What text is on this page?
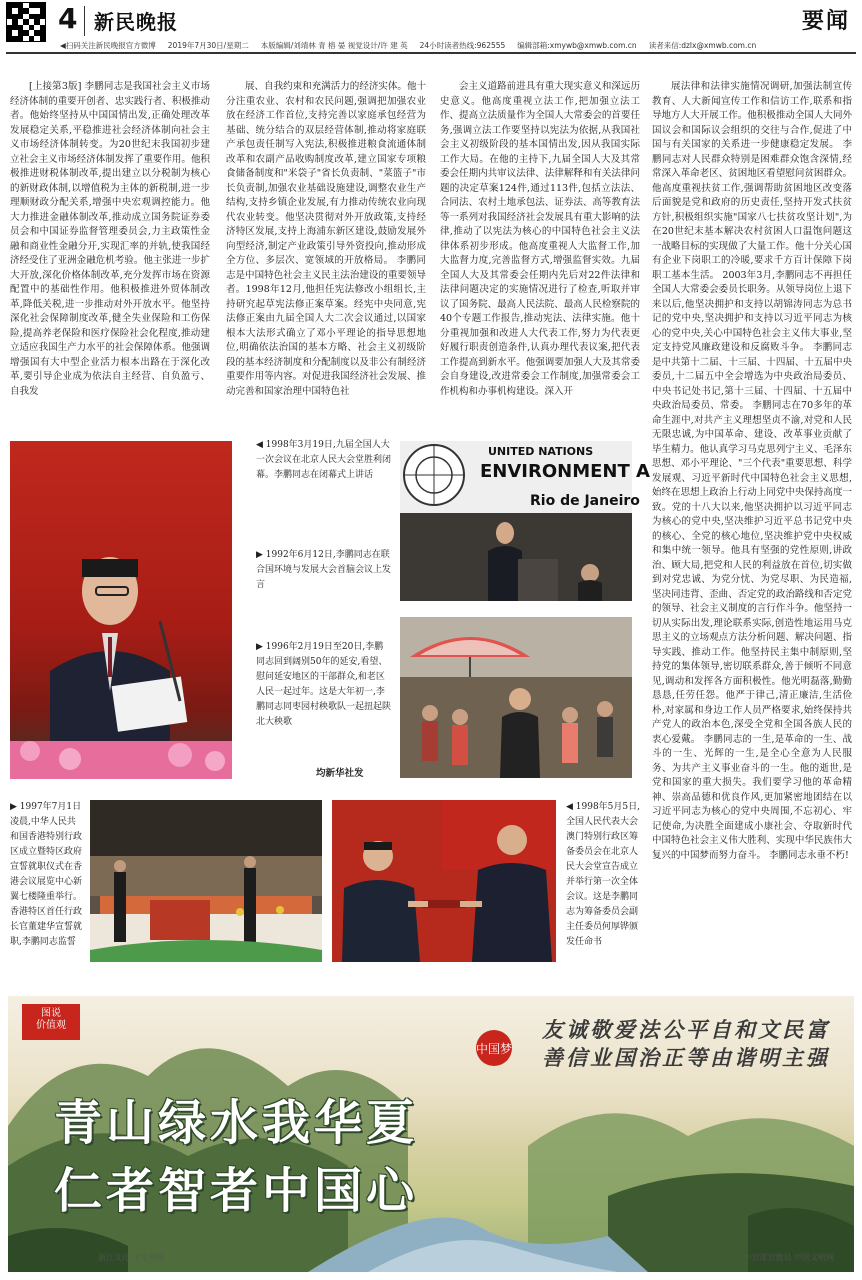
4 新民晚报	要闻
◀扫码关注新民晚报官方微博 2019年7月30日/星期二 本版编辑/刘靖林 青 榕 晏 视觉设计/许 建 英 24小时读者热线:962555 编辑部箱:xmywb@xmwb.com.cn 读者来信:dzlx@xmwb.com.cn

[上接第3版] 李鹏同志是我国社会主义市场经济体制的重要开创者、忠实践行者、积极推动者。他始终坚持从中国国情出发,正确处理改革发展稳定关系,平稳推进社会经济体制向社会主义市场经济体制转变。为20世纪末我国初步建立社会主义市场经济体制发挥了重要作用。他积极推进财税体制改革,提出建立以分税制为核心的新财政体制,以增值税为主体的新税制,进一步理顺财政分配关系,增强中央宏观调控能力。他大力推进金融体制改革,推动成立国务院证券委员会和中国证券监督管理委员会,力主政策性金融和商业性金融分开,实现汇率的并轨,使我国经济经受住了亚洲金融危机考验。他主张进一步扩大开放,深化价格体制改革,充分发挥市场在资源配置中的基础性作用。他积极推进外贸体制改革,降低关税,进一步推动对外开放水平。他坚持深化社会保障制度改革,健全失业保险和工伤保险,提高养老保险和医疗保险社会化程度,推动建立适应我国生产力水平的社会保障体系。他强调增强国有大中型企业活力根本出路在于深化改革,要引导企业成为依法自主经营、自负盈亏、自我发

展、自我约束和充满活力的经济实体。他十分注重农业、农村和农民问题,强调把加强农业放在经济工作首位,支持完善以家庭承包经营为基础、统分结合的双层经营体制,推动将家庭联产承包责任制写入宪法,积极推进粮食流通体制改革和农副产品收购制度改革,建立国家专项粮食储备制度和"米袋子"省长负责制、"菜篮子"市长负责制,加强农业基础设施建设,调整农业生产结构,支持乡镇企业发展,有力推动传统农业向现代农业转变。他坚决贯彻对外开放政策,支持经济特区发展,支持上海浦东新区建设,鼓励发展外向型经济,制定产业政策引导外资投向,推动形成全方位、多层次、宽领域的开放格局。 李鹏同志是中国特色社会主义民主法治建设的重要领导者。1998年12月,他担任宪法修改小组组长,主持研究起草宪法修正案草案。经宪中央同意,宪法修正案由九届全国人大二次会议通过,以国家根本大法形式确立了邓小平理论的指导思想地位,明确依法治国的基本方略、社会主义初级阶段的基本经济制度和分配制度以及非公有制经济重要作用等内容。对促进我国经济社会发展、推动完善和国家治理中国特色社

会主义道路前进具有重大现实意义和深远历史意义。他高度重视立法工作,把加强立法工作、提高立法质量作为全国人大常委会的首要任务,强调立法工作要坚持以宪法为依据,从我国社会主义初级阶段的基本国情出发,因从我国实际工作大局。在他的主持下,九届全国人大及其常委会任期内共审议法律、法律解释和有关法律问题的决定草案124件,通过113件,包括立法法、合同法、农村土地承包法、证券法、高等教育法等一系列对我国经济社会发展具有重大影响的法律,推动了以宪法为核心的中国特色社会主义法律体系初步形成。他高度重视人大监督工作,加大监督力度,完善监督方式,增强监督实效。九届全国人大及其常委会任期内先后对22件法律和法律问题决定的实施情况进行了检查,听取并审议了国务院、最高人民法院、最高人民检察院的40个专题工作报告,推动宪法、法律实施。他十分重视加强和改进人大代表工作,努力为代表更好履行职责创造条件,认真办理代表议案,把代表工作提高到新水平。他强调要加强人大及其常委会自身建设,改进常委会工作制度,加强常委会工作机构和办事机构建设。深入开

展法律和法律实施情况调研,加强法制宣传教育、人大新闻宣传工作和信访工作,联系和指导地方人大开展工作。他积极推动全国人大同外国议会和国际议会组织的交往与合作,促进了中国与有关国家的关系进一步健康稳定发展。 李鹏同志对人民群众特别是困难群众饱含深情,经常深入革命老区、贫困地区看望慰问贫困群众。他高度重视扶贫工作,强调帮助贫困地区改变落后面貌是党和政府的历史责任,坚持开发式扶贫方针,积极组织实施"国家八七扶贫攻坚计划",为在20世纪末基本解决农村贫困人口温饱问题这一战略目标的实现做了大量工作。他十分关心国有企业下岗职工的冷暖,要求千方百计保障下岗职工基本生活。 2003年3月,李鹏同志不再担任全国人大常委会委员长职务。从领导岗位上退下来以后,他坚决拥护和支持以胡锦涛同志为总书记的党中央,坚决拥护和支持以习近平同志为核心的党中央,关心中国特色社会主义伟大事业,坚定支持党风廉政建设和反腐败斗争。 李鹏同志是中共第十二届、十三届、十四届、十五届中央委员,十二届五中全会增选为中央政治局委员、中央书记处书记,第十三届、十四届、十五届中央政治局委员、常委。 李鹏同志在70多年的革命生涯中,对共产主义理想坚贞不渝,对党和人民无限忠诚,为中国革命、建设、改革事业贡献了毕生精力。他认真学习马克思列宁主义、毛泽东思想、邓小平理论、"三个代表"重要思想、科学发展观、习近平新时代中国特色社会主义思想,始终在思想上政治上行动上同党中央保持高度一致。党的十八大以来,他坚决拥护以习近平同志为核心的党中央,坚决维护习近平总书记党中央的核心、全党的核心地位,坚决维护党中央权威和集中统一领导。他具有坚强的党性原则,讲政治、顾大局,把党和人民的利益放在首位,切实做到对党忠诚、为党分忧、为党尽职、为民造福,坚决同违背、歪曲、否定党的政治路线和否定党的领导、社会主义制度的言行作斗争。他坚持一切从实际出发,理论联系实际,创造性地运用马克思主义的立场观点方法分析问题、解决问题、指导实践、推动工作。他坚持民主集中制原则,坚持党的集体领导,密切联系群众,善于倾听不同意见,调动和发挥各方面积极性。他光明磊落,勤勤恳恳,任劳任怨。他严于律己,清正廉洁,生活俭朴,对家属和身边工作人员严格要求,始终保持共产党人的政治本色,深受全党和全国各族人民的衷心爱戴。 李鹏同志的一生,是革命的一生、战斗的一生、光辉的一生,是全心全意为人民服务、为共产主义事业奋斗的一生。他的逝世,是党和国家的重大损失。我们要学习他的革命精神、崇高品德和优良作风,更加紧密地团结在以习近平同志为核心的党中央周围,不忘初心、牢记使命,为决胜全面建成小康社会、夺取新时代中国特色社会主义伟大胜利、实现中华民族伟大复兴的中国梦而努力奋斗。 李鹏同志永垂不朽!

◀ 1998年3月19日,九届全国人大一次会议在北京人民大会堂胜利闭幕。李鹏同志在闭幕式上讲话
UNITED NATIONS
ENVIRONMENT A
Rio de Janeiro
▶ 1992年6月12日,李鹏同志在联合国环境与发展大会首脑会议上发言
▶ 1996年2月19日至20日,李鹏同志回到阔别50年的延安,看望、慰问延安地区的干部群众,和老区人民一起过年。这是大年初一,李鹏同志同枣园村秧歌队一起扭起陕北大秧歌
均新华社发
▶ 1997年7月1日凌晨,中华人民共和国香港特别行政区成立暨特区政府宣誓就职仪式在香港会议展览中心新翼七楼隆重举行。香港特区首任行政长官董建华宣誓就职,李鹏同志监誓
◀ 1998年5月5日,全国人民代表大会澳门特别行政区筹备委员会在北京人民大会堂宣告成立并举行第一次全体会议。这是李鹏同志为筹备委员会副主任委员何厚铧颁发任命书
图说
价值观
中国梦
友诚敬爱法公平自和文民富
善信业国治正等由谐明主强
青山绿水我华夏
仁者智者中国心
浙江文化·主文明路	中宣部宣教局 中国文明网
